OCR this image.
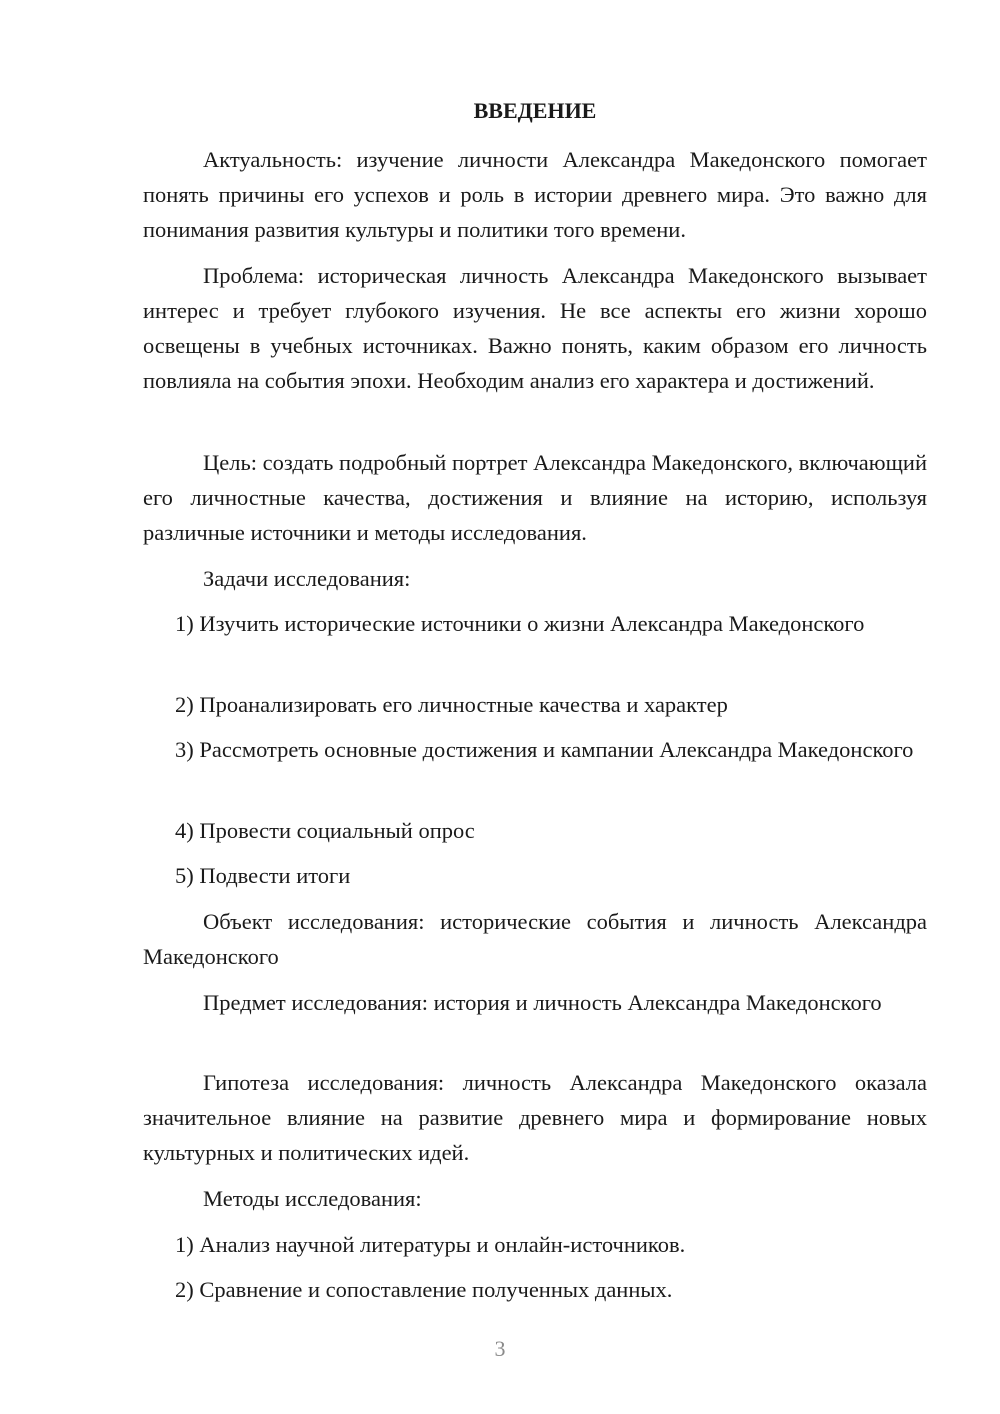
ВВЕДЕНИЕ

Актуальность: изучение личности Александра Македонского помогает понять причины его успехов и роль в истории древнего мира. Это важно для понимания развития культуры и политики того времени.

Проблема: историческая личность Александра Македонского вызывает интерес и требует глубокого изучения. Не все аспекты его жизни хорошо освещены в учебных источниках. Важно понять, каким образом его личность повлияла на события эпохи. Необходим анализ его характера и достижений.

Цель: создать подробный портрет Александра Македонского, включающий его личностные качества, достижения и влияние на историю, используя различные источники и методы исследования.

Задачи исследования:

1) Изучить исторические источники о жизни Александра Македонского

2) Проанализировать его личностные качества и характер

3) Рассмотреть основные достижения и кампании Александра Македонского

4) Провести социальный опрос

5) Подвести итоги

Объект исследования: исторические события и личность Александра Македонского

Предмет исследования: история и личность Александра Македонского

Гипотеза исследования: личность Александра Македонского оказала значительное влияние на развитие древнего мира и формирование новых культурных и политических идей.

Методы исследования:

1) Анализ научной литературы и онлайн-источников.

2) Сравнение и сопоставление полученных данных.

3
